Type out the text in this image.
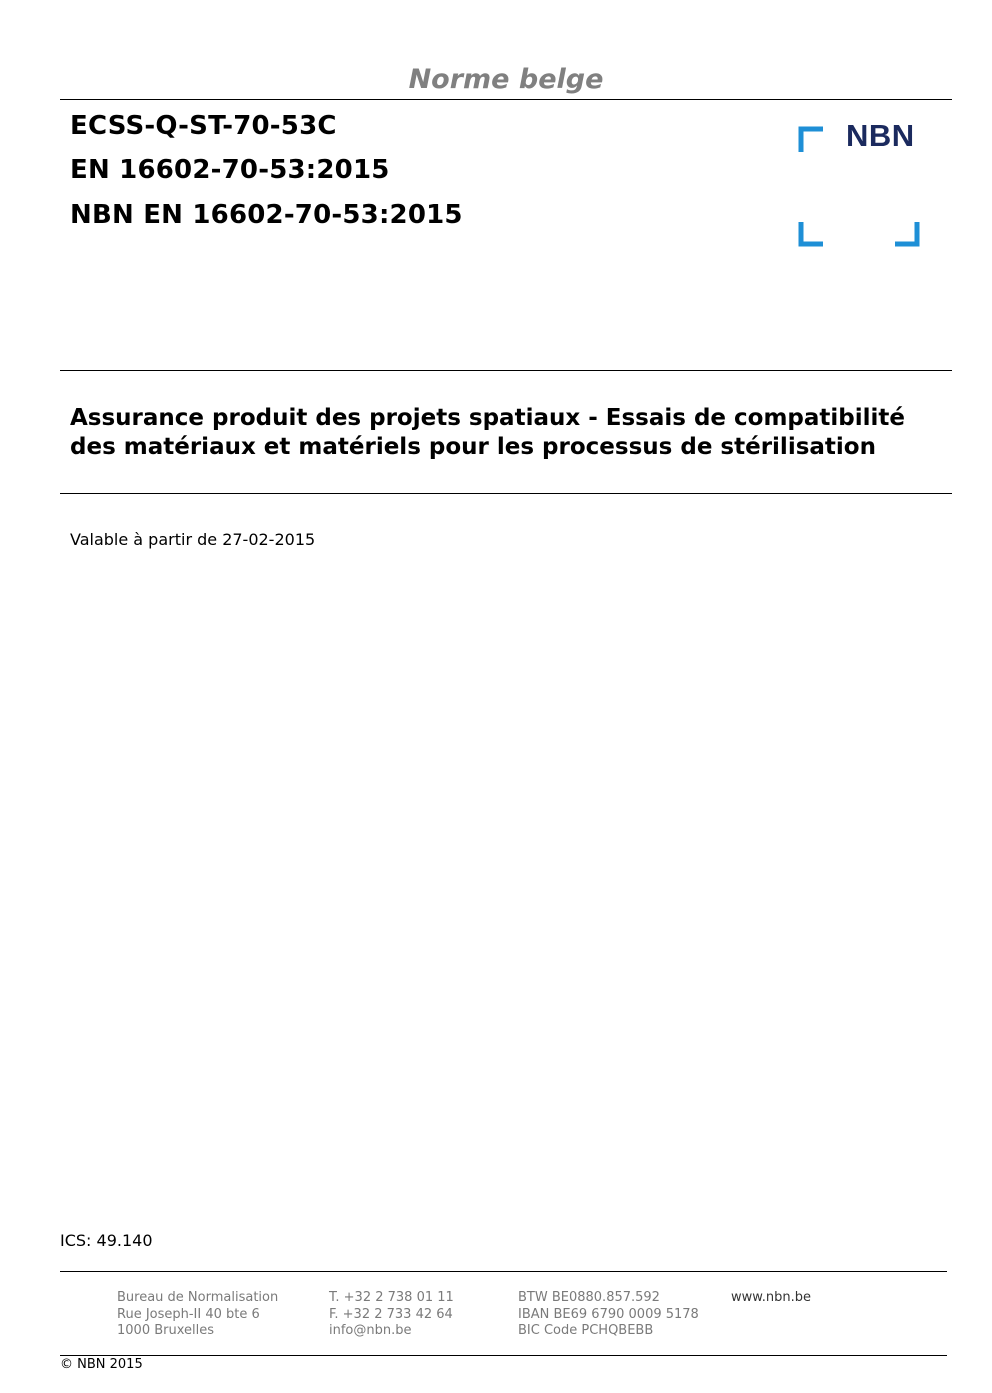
Norme belge
ECSS-Q-ST-70-53C
EN 16602-70-53:2015
NBN EN 16602-70-53:2015
NBN
Assurance produit des projets spatiaux - Essais de compatibilité
des matériaux et matériels pour les processus de stérilisation
Valable à partir de 27-02-2015
ICS: 49.140
Bureau de Normalisation
Rue Joseph-II 40 bte 6
1000 Bruxelles
T. +32 2 738 01 11
F. +32 2 733 42 64
info@nbn.be
BTW BE0880.857.592
IBAN BE69 6790 0009 5178
BIC Code PCHQBEBB
www.nbn.be
© NBN 2015
